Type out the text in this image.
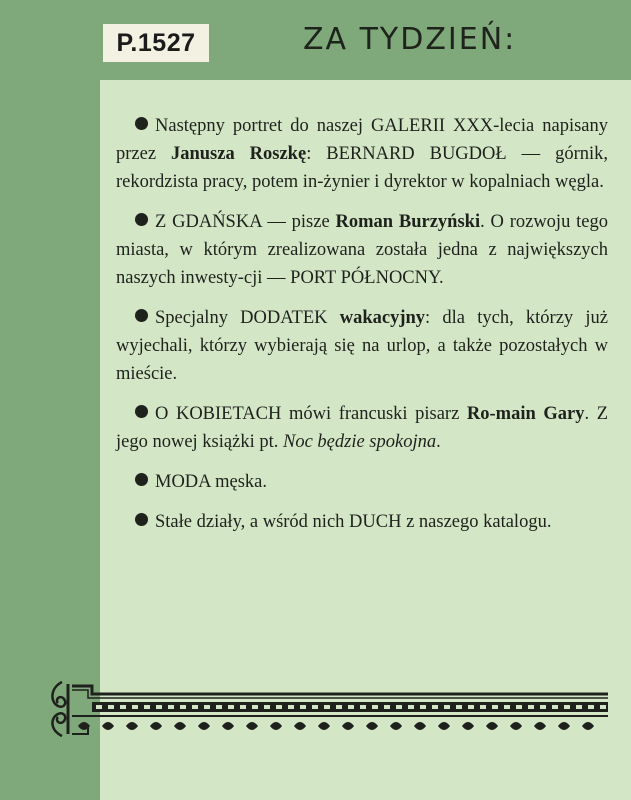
P.1527	ZA TYDZIEŃ:

Następny portret do naszej GALERII XXX-lecia napisany przez Janusza Roszkę: BERNARD BUGDOŁ — górnik, rekordzista pracy, potem in-żynier i dyrektor w kopalniach węgla.

Z GDAŃSKA — pisze Roman Burzyński. O rozwoju tego miasta, w którym zrealizowana została jedna z największych naszych inwesty-cji — PORT PÓŁNOCNY.

Specjalny DODATEK wakacyjny: dla tych, którzy już wyjechali, którzy wybierają się na urlop, a także pozostałych w mieście.

O KOBIETACH mówi francuski pisarz Ro-main Gary. Z jego nowej książki pt. Noc będzie spokojna.

MODA męska.

Stałe działy, a wśród nich DUCH z naszego katalogu.
